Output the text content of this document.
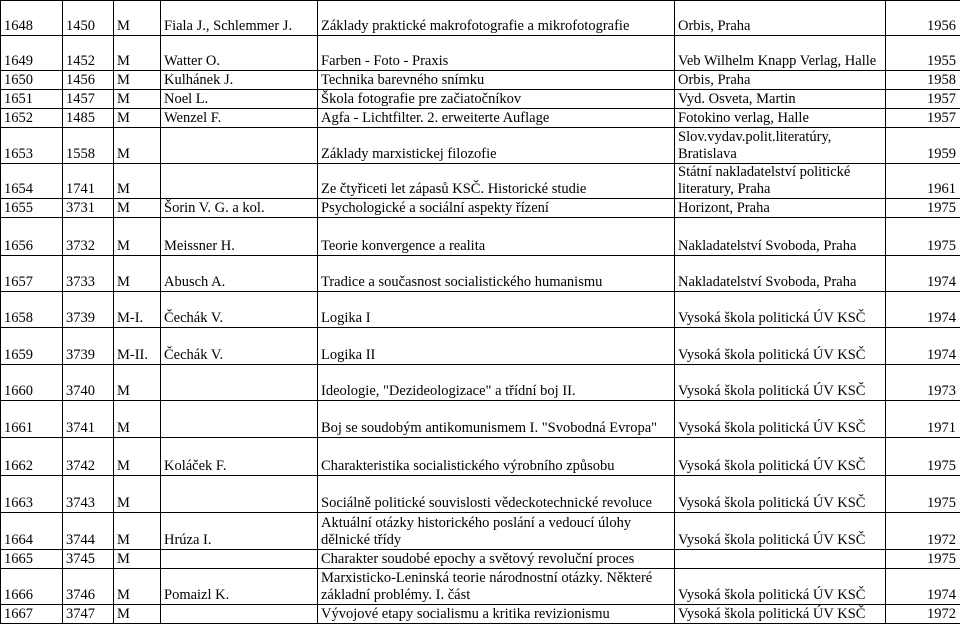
1648	1450	M	Fiala J., Schlemmer J.	Základy praktické makrofotografie a mikrofotografie	Orbis, Praha	1956
1649	1452	M	Watter O.	Farben - Foto - Praxis	Veb Wilhelm Knapp Verlag, Halle	1955
1650	1456	M	Kulhánek J.	Technika barevného snímku	Orbis, Praha	1958
1651	1457	M	Noel L.	Škola fotografie pre začiatočníkov	Vyd. Osveta, Martin	1957
1652	1485	M	Wenzel F.	Agfa - Lichtfilter. 2. erweiterte Auflage	Fotokino verlag, Halle	1957
1653	1558	M		Základy marxistickej filozofie	Slov.vydav.polit.literatúry, Bratislava	1959
1654	1741	M		Ze čtyřiceti let zápasů KSČ. Historické studie	Státní nakladatelství politické literatury, Praha	1961
1655	3731	M	Šorin V. G. a kol.	Psychologické a sociální aspekty řízení	Horizont, Praha	1975
1656	3732	M	Meissner H.	Teorie konvergence a realita	Nakladatelství Svoboda, Praha	1975
1657	3733	M	Abusch A.	Tradice a současnost socialistického humanismu	Nakladatelství Svoboda, Praha	1974
1658	3739	M-I.	Čechák V.	Logika I	Vysoká škola politická ÚV KSČ	1974
1659	3739	M-II.	Čechák V.	Logika II	Vysoká škola politická ÚV KSČ	1974
1660	3740	M		Ideologie, "Dezideologizace" a třídní boj II.	Vysoká škola politická ÚV KSČ	1973
1661	3741	M		Boj se soudobým antikomunismem I. "Svobodná Evropa"	Vysoká škola politická ÚV KSČ	1971
1662	3742	M	Koláček F.	Charakteristika socialistického výrobního způsobu	Vysoká škola politická ÚV KSČ	1975
1663	3743	M		Sociálně politické souvislosti vědeckotechnické revoluce	Vysoká škola politická ÚV KSČ	1975
1664	3744	M	Hrúza I.	Aktuální otázky historického poslání a vedoucí úlohy dělnické třídy	Vysoká škola politická ÚV KSČ	1972
1665	3745	M		Charakter soudobé epochy a světový revoluční proces		1975
1666	3746	M	Pomaizl K.	Marxisticko-Leninská teorie národnostní otázky. Některé základní problémy. I. část	Vysoká škola politická ÚV KSČ	1974
1667	3747	M		Vývojové etapy socialismu a kritika revizionismu	Vysoká škola politická ÚV KSČ	1972
